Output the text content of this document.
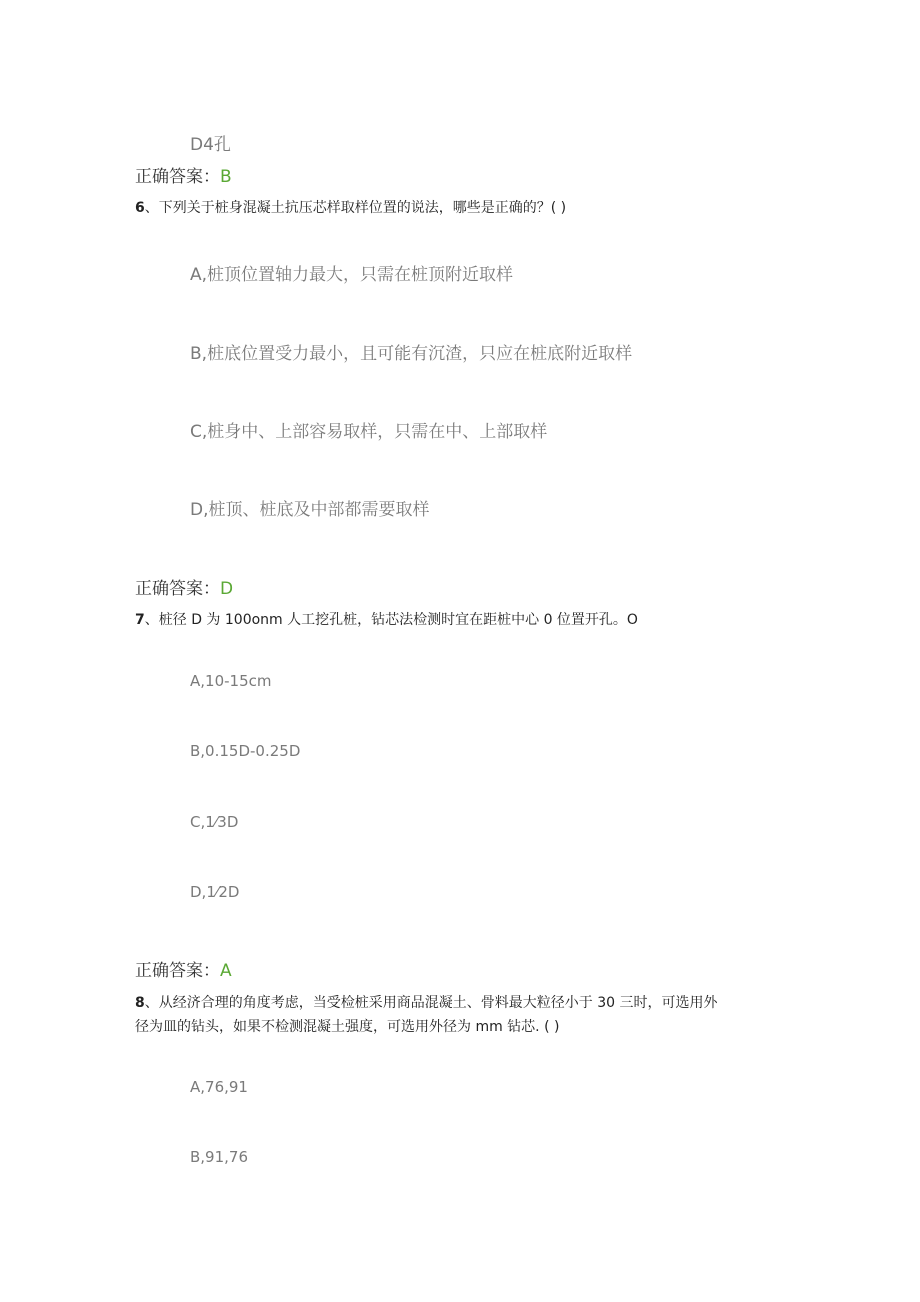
D4孔
正确答案：B
6、下列关于桩身混凝土抗压芯样取样位置的说法，哪些是正确的？( )
A,桩顶位置轴力最大，只需在桩顶附近取样
B,桩底位置受力最小，且可能有沉渣，只应在桩底附近取样
C,桩身中、上部容易取样，只需在中、上部取样
D,桩顶、桩底及中部都需要取样
正确答案：D
7、桩径 D 为 100onm 人工挖孔桩，钻芯法检测时宜在距桩中心 0 位置开孔。O
A,10-15cm
B,0.15D-0.25D
C,1⁄3D
D,1⁄2D
正确答案：A
8、从经济合理的角度考虑，当受检桩采用商品混凝土、骨料最大粒径小于 30 三时，可选用外
径为皿的钻头，如果不检测混凝土强度，可选用外径为 mm 钻芯. ( )
A,76,91
B,91,76
